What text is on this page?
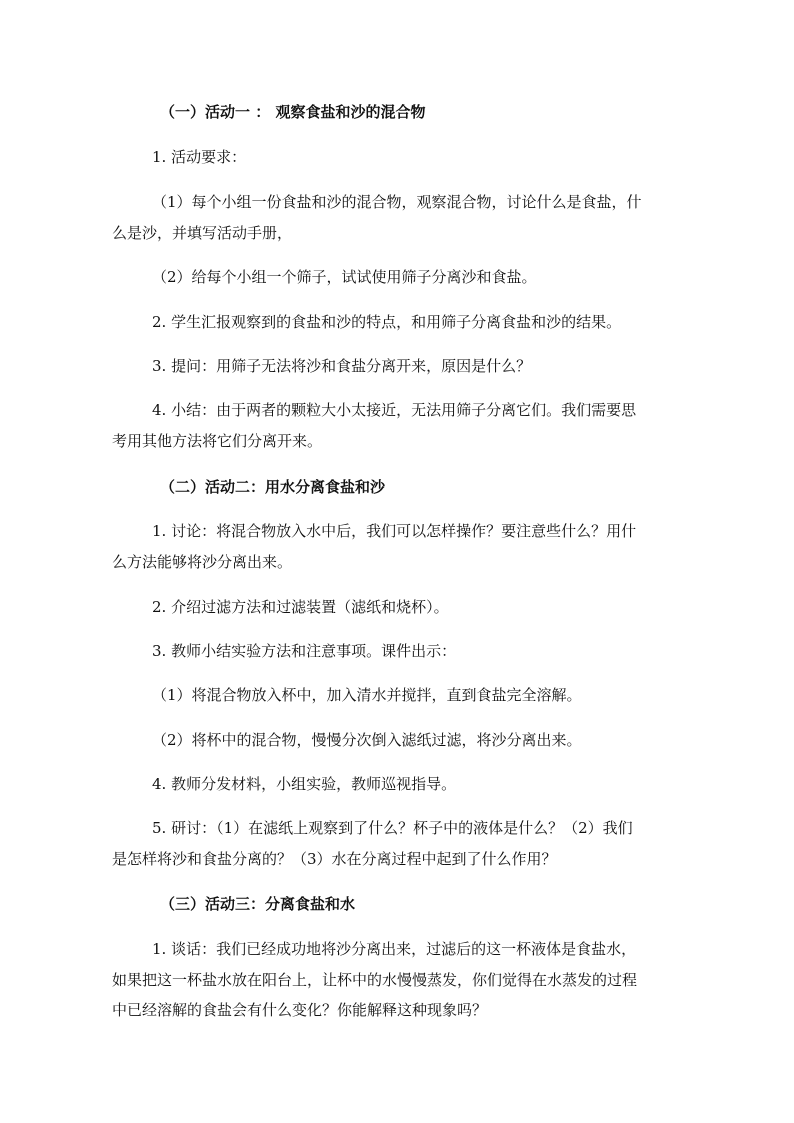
（一）活动一 ： 观察食盐和沙的混合物
1. 活动要求：
（1）每个小组一份食盐和沙的混合物，观察混合物，讨论什么是食盐，什
么是沙，并填写活动手册，
（2）给每个小组一个筛子，试试使用筛子分离沙和食盐。
2. 学生汇报观察到的食盐和沙的特点，和用筛子分离食盐和沙的结果。
3. 提问：用筛子无法将沙和食盐分离开来，原因是什么？
4. 小结：由于两者的颗粒大小太接近，无法用筛子分离它们。我们需要思
考用其他方法将它们分离开来。
（二）活动二：用水分离食盐和沙
1. 讨论：将混合物放入水中后，我们可以怎样操作？要注意些什么？用什
么方法能够将沙分离出来。
2. 介绍过滤方法和过滤装置（滤纸和烧杯）。
3. 教师小结实验方法和注意事项。课件出示：
（1）将混合物放入杯中，加入清水并搅拌，直到食盐完全溶解。
（2）将杯中的混合物，慢慢分次倒入滤纸过滤，将沙分离出来。
4. 教师分发材料，小组实验，教师巡视指导。
5. 研讨：（1）在滤纸上观察到了什么？杯子中的液体是什么？（2）我们
是怎样将沙和食盐分离的？（3）水在分离过程中起到了什么作用？
（三）活动三：分离食盐和水
1. 谈话：我们已经成功地将沙分离出来，过滤后的这一杯液体是食盐水，
如果把这一杯盐水放在阳台上，让杯中的水慢慢蒸发，你们觉得在水蒸发的过程
中已经溶解的食盐会有什么变化？你能解释这种现象吗？
